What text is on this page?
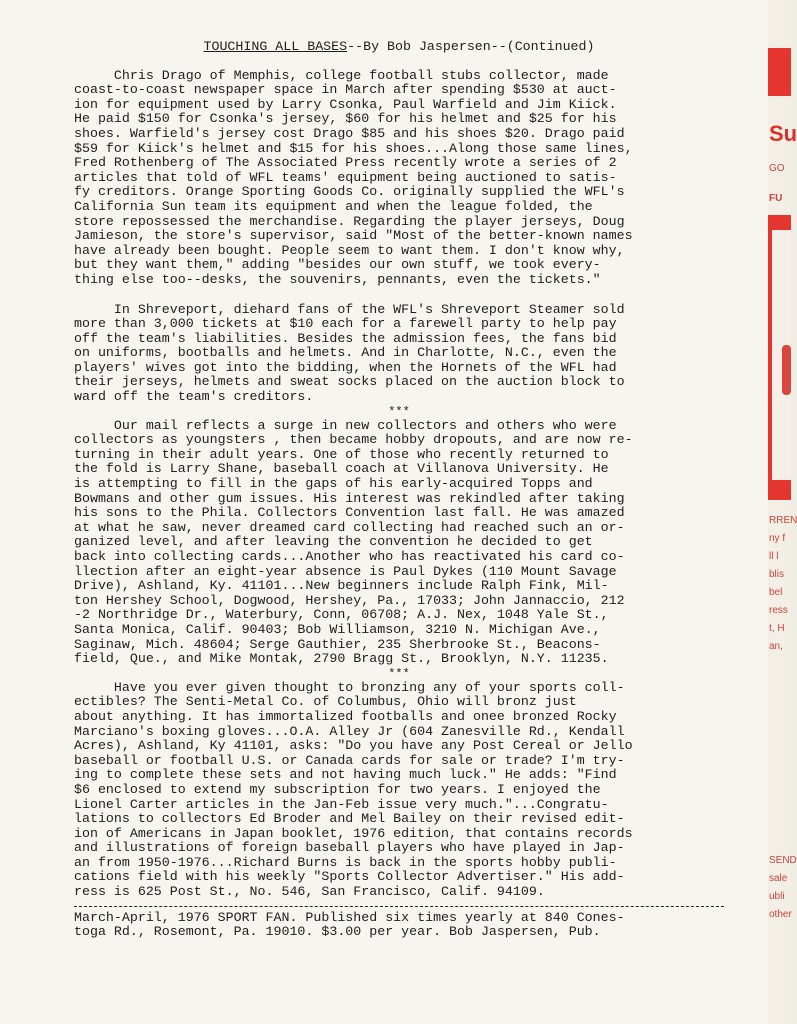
TOUCHING ALL BASES--By Bob Jaspersen--(Continued)

Chris Drago of Memphis, college football stubs collector, made
coast-to-coast newspaper space in March after spending $530 at auct-
ion for equipment used by Larry Csonka, Paul Warfield and Jim Kiick.
He paid $150 for Csonka's jersey, $60 for his helmet and $25 for his
shoes. Warfield's jersey cost Drago $85 and his shoes $20. Drago paid
$59 for Kiick's helmet and $15 for his shoes...Along those same lines,
Fred Rothenberg of The Associated Press recently wrote a series of 2
articles that told of WFL teams' equipment being auctioned to satis-
fy creditors. Orange Sporting Goods Co. originally supplied the WFL's
California Sun team its equipment and when the league folded, the
store repossessed the merchandise. Regarding the player jerseys, Doug
Jamieson, the store's supervisor, said "Most of the better-known names
have already been bought. People seem to want them. I don't know why,
but they want them," adding "besides our own stuff, we took every-
thing else too--desks, the souvenirs, pennants, even the tickets."
In Shreveport, diehard fans of the WFL's Shreveport Steamer sold
more than 3,000 tickets at $10 each for a farewell party to help pay
off the team's liabilities. Besides the admission fees, the fans bid
on uniforms, bootballs and helmets. And in Charlotte, N.C., even the
players' wives got into the bidding, when the Hornets of the WFL had
their jerseys, helmets and sweat socks placed on the auction block to
ward off the team's creditors.

***

Our mail reflects a surge in new collectors and others who were
collectors as youngsters , then became hobby dropouts, and are now re-
turning in their adult years. One of those who recently returned to
the fold is Larry Shane, baseball coach at Villanova University. He
is attempting to fill in the gaps of his early-acquired Topps and
Bowmans and other gum issues. His interest was rekindled after taking
his sons to the Phila. Collectors Convention last fall. He was amazed
at what he saw, never dreamed card collecting had reached such an or-
ganized level, and after leaving the convention he decided to get
back into collecting cards...Another who has reactivated his card co-
llection after an eight-year absence is Paul Dykes (110 Mount Savage
Drive), Ashland, Ky. 41101...New beginners include Ralph Fink, Mil-
ton Hershey School, Dogwood, Hershey, Pa., 17033; John Jannaccio, 212
-2 Northridge Dr., Waterbury, Conn, 06708; A.J. Nex, 1048 Yale St.,
Santa Monica, Calif. 90403; Bob Williamson, 3210 N. Michigan Ave.,
Saginaw, Mich. 48604; Serge Gauthier, 235 Sherbrooke St., Beacons-
field, Que., and Mike Montak, 2790 Bragg St., Brooklyn, N.Y. 11235.

***

Have you ever given thought to bronzing any of your sports coll-
ectibles? The Senti-Metal Co. of Columbus, Ohio will bronz just
about anything. It has immortalized footballs and onee bronzed Rocky
Marciano's boxing gloves...O.A. Alley Jr (604 Zanesville Rd., Kendall
Acres), Ashland, Ky 41101, asks: "Do you have any Post Cereal or Jello
baseball or football U.S. or Canada cards for sale or trade? I'm try-
ing to complete these sets and not having much luck." He adds: "Find
$6 enclosed to extend my subscription for two years. I enjoyed the
Lionel Carter articles in the Jan-Feb issue very much."...Congratu-
lations to collectors Ed Broder and Mel Bailey on their revised edit-
ion of Americans in Japan booklet, 1976 edition, that contains records
and illustrations of foreign baseball players who have played in Jap-
an from 1950-1976...Richard Burns is back in the sports hobby publi-
cations field with his weekly "Sports Collector Advertiser." His add-
ress is 625 Post St., No. 546, San Francisco, Calif. 94109.
March-April, 1976 SPORT FAN. Published six times yearly at 840 Cones-
toga Rd., Rosemont, Pa. 19010. $3.00 per year. Bob Jaspersen, Pub.
Su
GO
FU
RREN
ny f
ll l
blis
bel
ress
t, H
an,
SEND
sale
ubli
other
